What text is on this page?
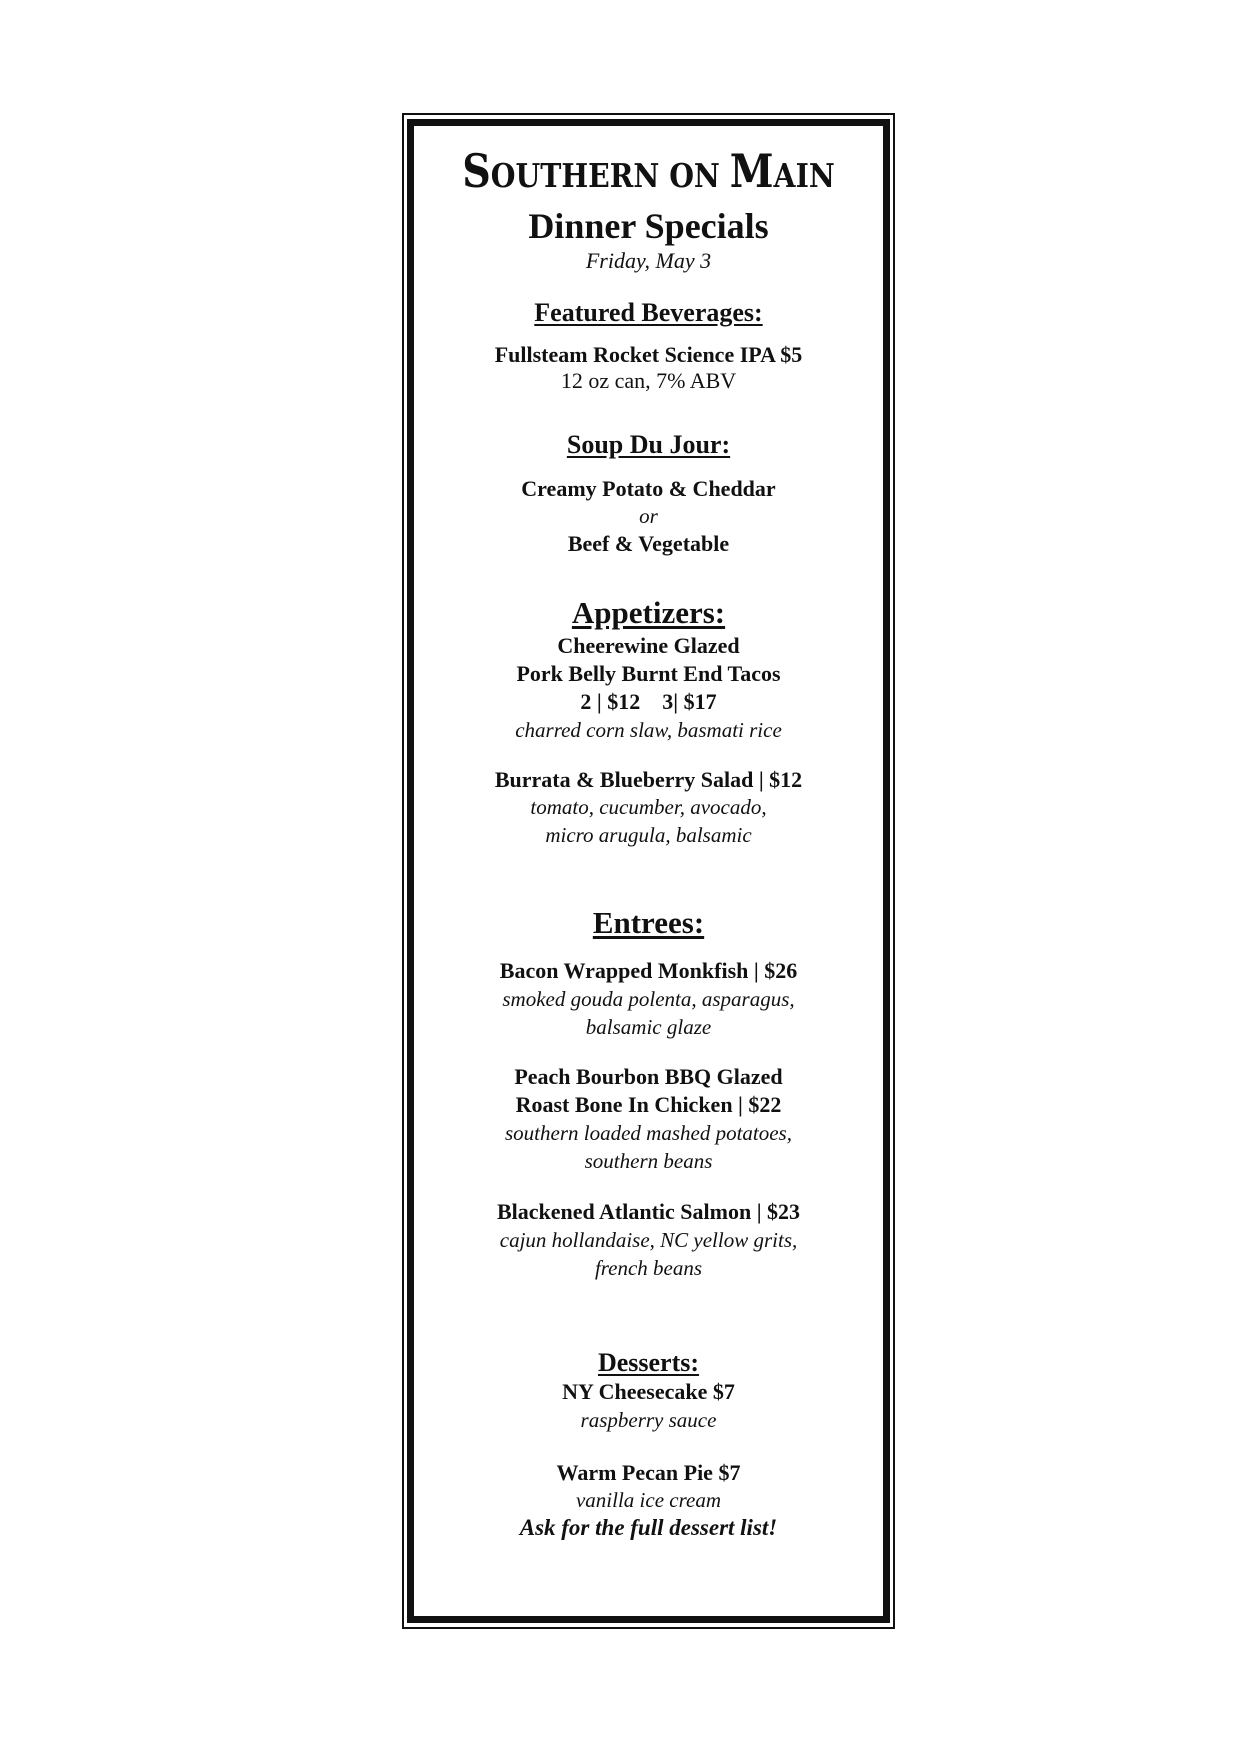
SOUTHERN ON MAIN
Dinner Specials
Friday, May 3
Featured Beverages:
Fullsteam Rocket Science IPA $5
12 oz can, 7% ABV
Soup Du Jour:
Creamy Potato & Cheddar
or
Beef & Vegetable
Appetizers:
Cheerewine Glazed
Pork Belly Burnt End Tacos
2 | $12    3| $17
charred corn slaw, basmati rice
Burrata & Blueberry Salad | $12
tomato, cucumber, avocado,
micro arugula, balsamic
Entrees:
Bacon Wrapped Monkfish | $26
smoked gouda polenta, asparagus,
balsamic glaze
Peach Bourbon BBQ Glazed
Roast Bone In Chicken | $22
southern loaded mashed potatoes,
southern beans
Blackened Atlantic Salmon | $23
cajun hollandaise, NC yellow grits,
french beans
Desserts:
NY Cheesecake $7
raspberry sauce
Warm Pecan Pie $7
vanilla ice cream
Ask for the full dessert list!
